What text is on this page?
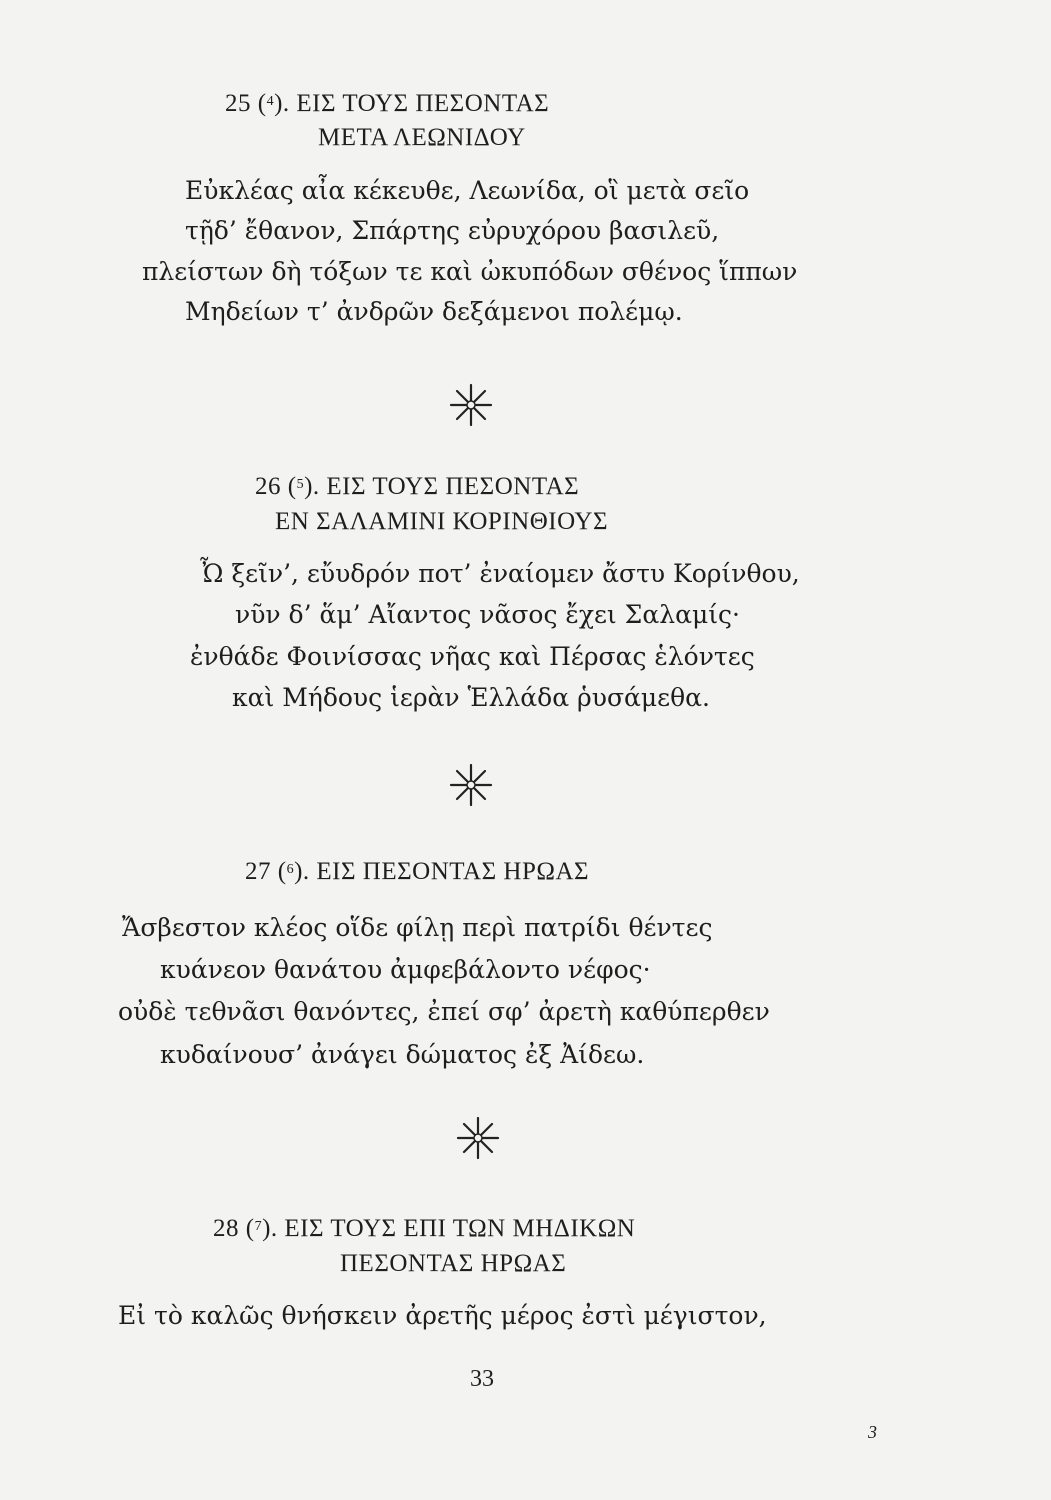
25 ($^4$). ΕΙΣ ΤΟΥΣ ΠΕΣΟΝΤΑΣ
ΜΕΤΑ ΛΕΩΝΙΔΟΥ
Εὐκλέας αἶα κέκευθε, Λεωνίδα, οἳ μετὰ σεῖο
τῇδ’ ἔθανον, Σπάρτης εὐρυχόρου βασιλεῦ,
πλείστων δὴ τόξων τε καὶ ὠκυπόδων σθένος ἵππων
Μηδείων τ’ ἀνδρῶν δεξάμενοι πολέμῳ.
26 ($^5$). ΕΙΣ ΤΟΥΣ ΠΕΣΟΝΤΑΣ
ΕΝ ΣΑΛΑΜΙΝΙ ΚΟΡΙΝΘΙΟΥΣ
Ὦ ξεῖν’, εὔυδρόν ποτ’ ἐναίομεν ἄστυ Κορίνθου,
νῦν δ’ ἅμ’ Αἴαντος νᾶσος ἔχει Σαλαμίς·
ἐνθάδε Φοινίσσας νῆας καὶ Πέρσας ἑλόντες
καὶ Μήδους ἱερὰν Ἑλλάδα ῥυσάμεθα.
27 ($^6$). ΕΙΣ ΠΕΣΟΝΤΑΣ ΗΡΩΑΣ
Ἄσβεστον κλέος οἵδε φίλῃ περὶ πατρίδι θέντες
κυάνεον θανάτου ἀμφεβάλοντο νέφος·
οὐδὲ τεθνᾶσι θανόντες, ἐπεί σφ’ ἀρετὴ καθύπερθεν
κυδαίνουσ’ ἀνάγει δώματος ἐξ Ἀίδεω.
28 ($^7$). ΕΙΣ ΤΟΥΣ ΕΠΙ ΤΩΝ ΜΗΔΙΚΩΝ
ΠΕΣΟΝΤΑΣ ΗΡΩΑΣ
Εἰ τὸ καλῶς θνήσκειν ἀρετῆς μέρος ἐστὶ μέγιστον,
33
3
